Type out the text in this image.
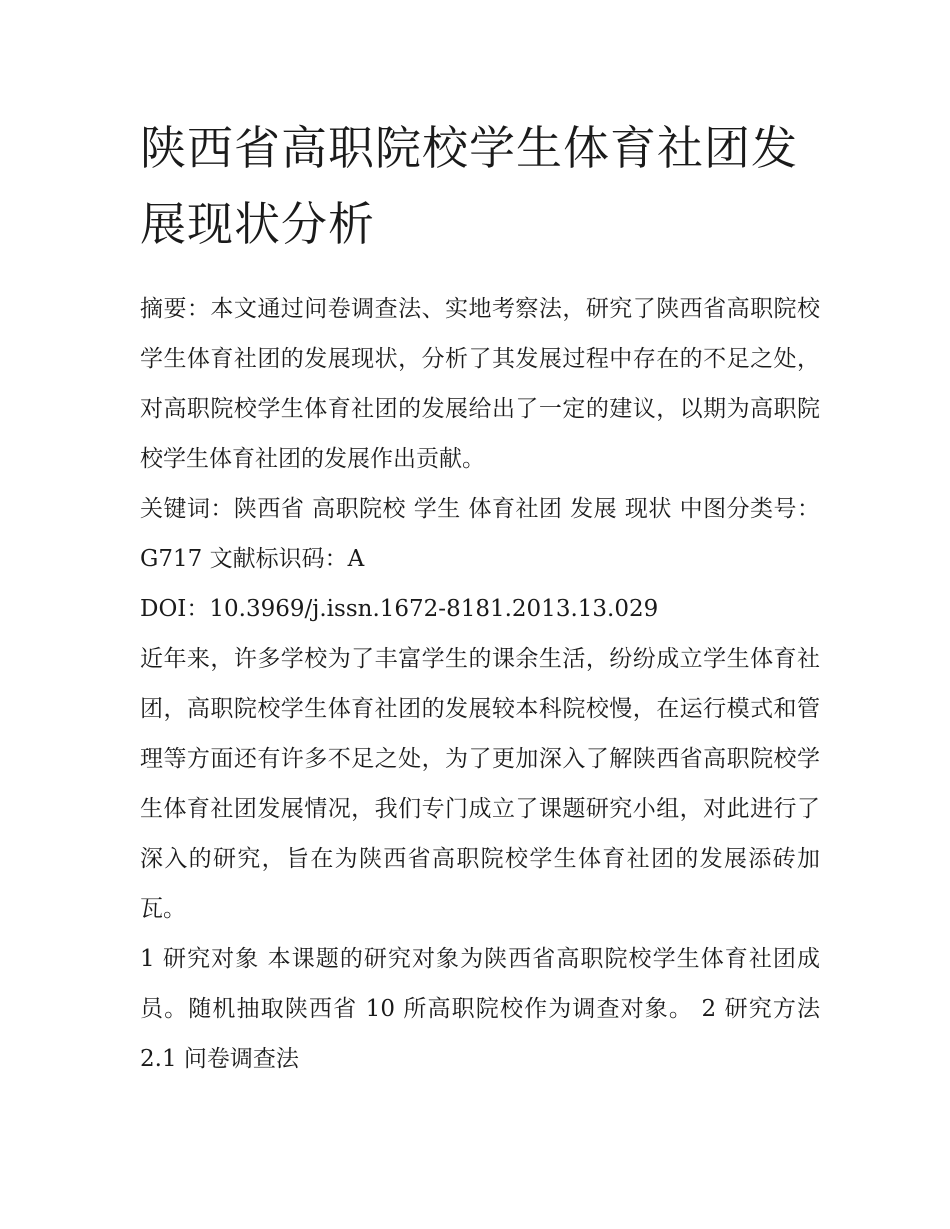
陕西省高职院校学生体育社团发展现状分析

摘要：本文通过问卷调查法、实地考察法，研究了陕西省高职院校学生体育社团的发展现状，分析了其发展过程中存在的不足之处，对高职院校学生体育社团的发展给出了一定的建议，以期为高职院校学生体育社团的发展作出贡献。

关键词：陕西省 高职院校 学生 体育社团 发展 现状 中图分类号：G717 文献标识码：A

DOI：10.3969/j.issn.1672-8181.2013.13.029

近年来，许多学校为了丰富学生的课余生活，纷纷成立学生体育社团，高职院校学生体育社团的发展较本科院校慢，在运行模式和管理等方面还有许多不足之处，为了更加深入了解陕西省高职院校学生体育社团发展情况，我们专门成立了课题研究小组，对此进行了深入的研究，旨在为陕西省高职院校学生体育社团的发展添砖加瓦。

1 研究对象 本课题的研究对象为陕西省高职院校学生体育社团成员。随机抽取陕西省 10 所高职院校作为调查对象。 2 研究方法 2.1 问卷调查法
